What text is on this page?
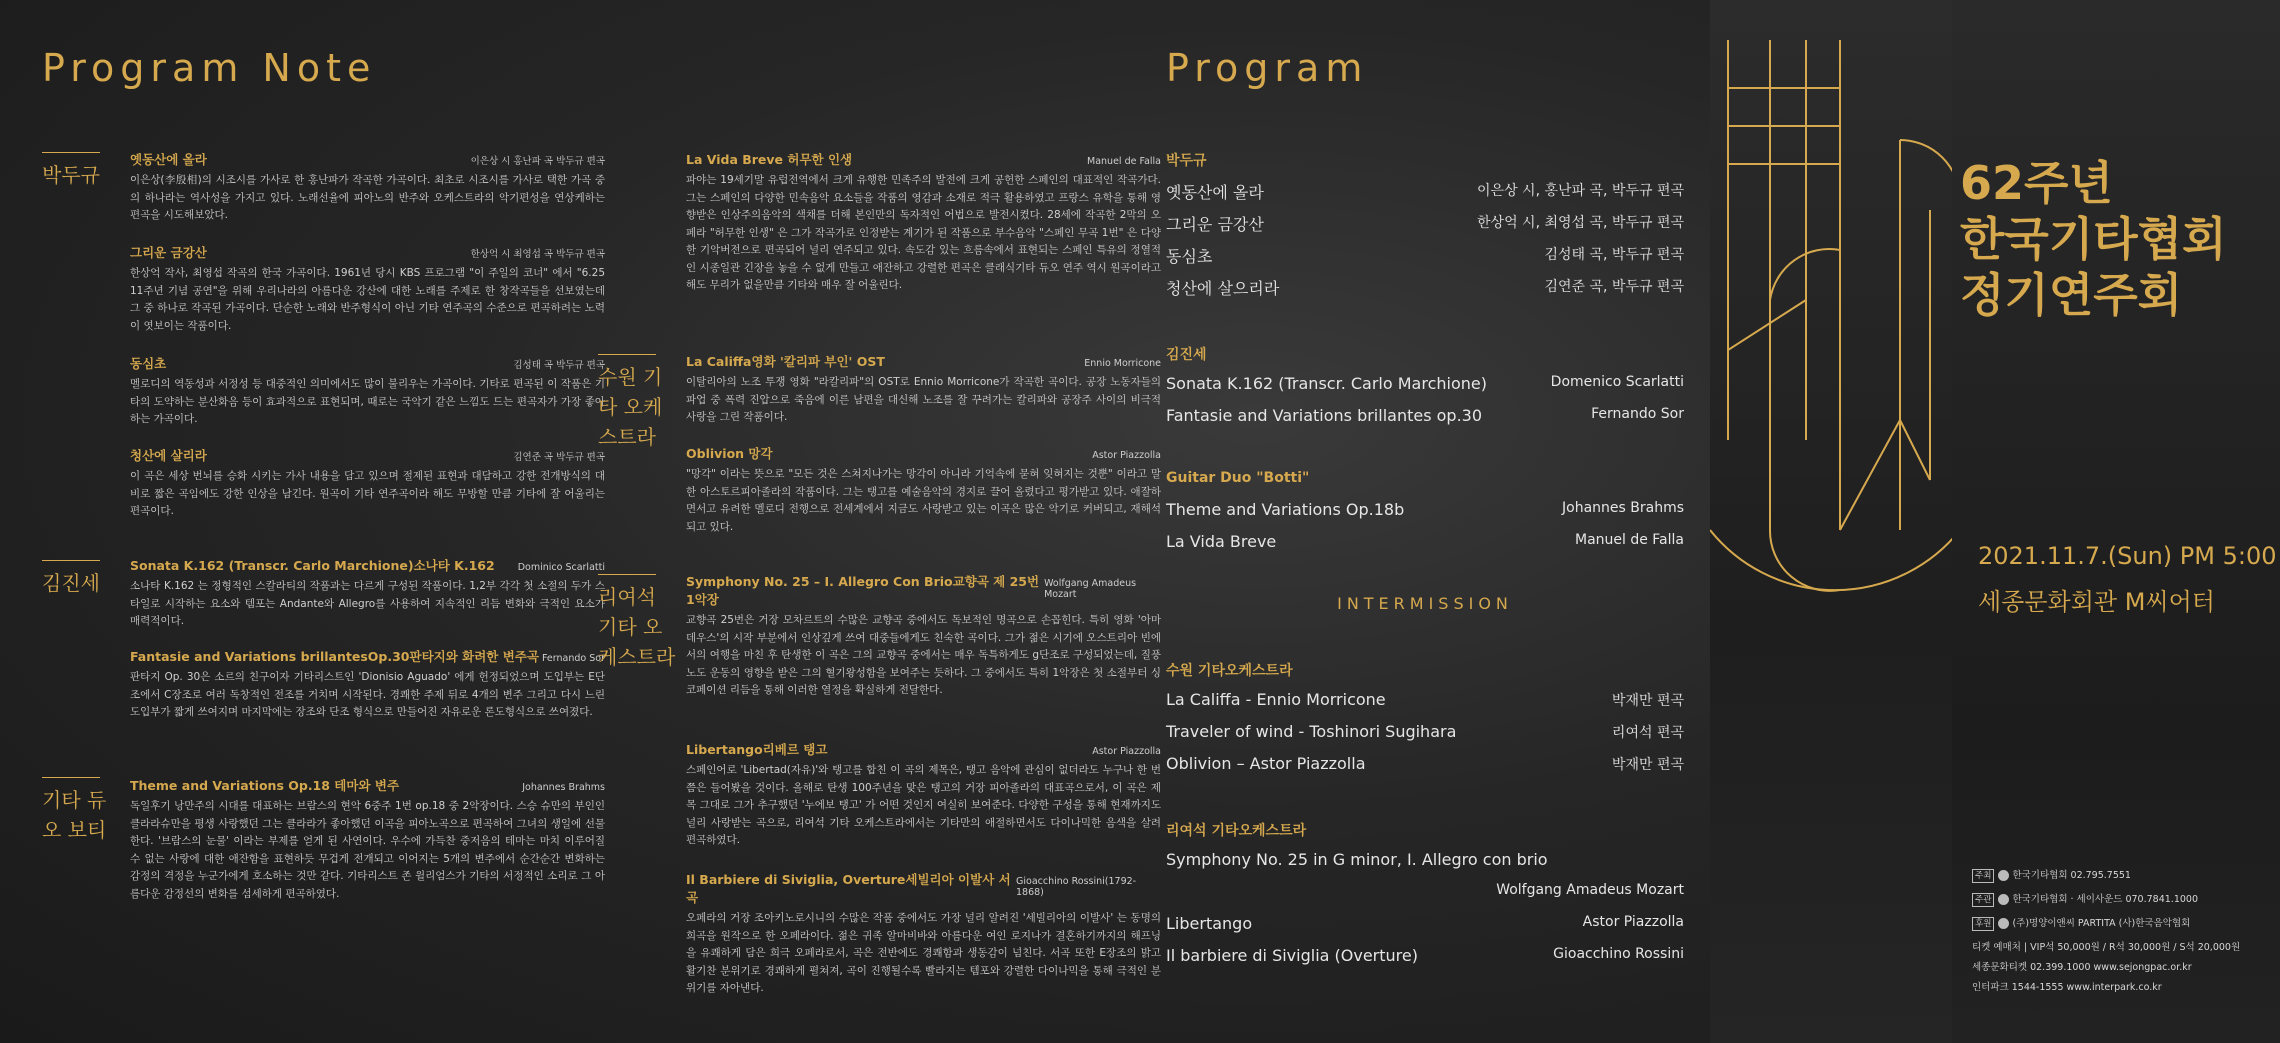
Program Note
박두규
김진세
기타 듀오 보티
옛동산에 올라	이은상 시 홍난파 곡 박두규 편곡
이은상(李殷相)의 시조시를 가사로 한 홍난파가 작곡한 가곡이다. 최초로 시조시를 가사로 택한 가곡 중의 하나라는 역사성을 가지고 있다. 노래선율에 피아노의 반주와 오케스트라의 악기편성을 연상케하는 편곡을 시도해보았다.
그리운 금강산	한상억 시 최영섭 곡 박두규 편곡
한상억 작사, 최영섭 작곡의 한국 가곡이다. 1961년 당시 KBS 프로그램 "이 주일의 코너" 에서 "6.25 11주년 기념 공연"을 위해 우리나라의 아름다운 강산에 대한 노래를 주제로 한 창작곡들을 선보였는데 그 중 하나로 작곡된 가곡이다. 단순한 노래와 반주형식이 아닌 기타 연주곡의 수준으로 편곡하려는 노력이 엿보이는 작품이다.
동심초	김성태 곡 박두규 편곡
멜로디의 역동성과 서정성 등 대중적인 의미에서도 많이 불리우는 가곡이다. 기타로 편곡된 이 작품은 기타의 도약하는 분산화음 등이 효과적으로 표현되며, 때로는 국악기 같은 느낌도 드는 편곡자가 가장 좋아하는 가곡이다.
청산에 살리라	김연준 곡 박두규 편곡
이 곡은 세상 번뇌를 승화 시키는 가사 내용을 담고 있으며 절제된 표현과 대담하고 강한 전개방식의 대비로 짧은 곡임에도 강한 인상을 남긴다. 원곡이 기타 연주곡이라 해도 무방할 만큼 기타에 잘 어울리는 편곡이다.
Sonata K.162 (Transcr. Carlo Marchione)소나타 K.162 Dominico Scarlatti
소나타 K.162 는 정형적인 스칼라티의 작품과는 다르게 구성된 작품이다. 1,2부 각각 첫 소절의 두가 스타일로 시작하는 요소와 템포는 Andante와 Allegro를 사용하여 지속적인 리듬 변화와 극적인 요소가 매력적이다.
Fantasie and Variations brillantesOp.30판타지와 화려한 변주곡 Fernando Sor
판타지 Op. 30은 소르의 친구이자 기타리스트인 'Dionisio Aguado' 에게 헌정되었으며 도입부는 E단조에서 C장조로 여러 독창적인 전조를 거치며 시작된다. 경쾌한 주제 뒤로 4개의 변주 그리고 다시 느린 도입부가 짧게 쓰여지며 마지막에는 장조와 단조 형식으로 만들어진 자유로운 론도형식으로 쓰여졌다.
Theme and Variations Op.18 테마와 변주	Johannes Brahms
독일후기 낭만주의 시대를 대표하는 브람스의 현악 6중주 1번 op.18 중 2악장이다. 스승 슈만의 부인인 클라라슈만을 평생 사랑했던 그는 클라라가 좋아했던 이곡을 피아노곡으로 편곡하여 그녀의 생일에 선물한다. '브람스의 눈물' 이라는 부제를 얻게 된 사연이다. 우수에 가득찬 중저음의 테마는 마치 이루어질 수 없는 사랑에 대한 애잔함을 표현하듯 무겁게 전개되고 이어지는 5개의 변주에서 순간순간 변화하는 감정의 격정을 누군가에게 호소하는 것만 같다. 기타리스트 존 윌리엄스가 기타의 서정적인 소리로 그 아름다운 감정선의 변화를 섬세하게 편곡하였다.
수원 기타 오케스트라
리여석 기타 오케스트라
La Vida Breve 허무한 인생	Manuel de Falla
파야는 19세기말 유럽전역에서 크게 유행한 민족주의 발전에 크게 공헌한 스페인의 대표적인 작곡가다. 그는 스페인의 다양한 민속음악 요소들을 작품의 영감과 소재로 적극 활용하였고 프랑스 유학을 통해 영향받은 인상주의음악의 색채를 더해 본인만의 독자적인 어법으로 발전시켰다. 28세에 작곡한 2막의 오페라 "허무한 인생" 은 그가 작곡가로 인정받는 계기가 된 작품으로 부수음악 "스페인 무곡 1번" 은 다양한 기악버전으로 편곡되어 널리 연주되고 있다. 속도감 있는 흐름속에서 표현되는 스페인 특유의 정열적인 시종일관 긴장을 놓을 수 없게 만들고 애잔하고 강렬한 편곡은 클래식기타 듀오 연주 역시 원곡이라고 해도 무리가 없을만큼 기타와 매우 잘 어울린다.
La Califfa영화 '칼리파 부인' OST	Ennio Morricone
이탈리아의 노조 투쟁 영화 "라칼리파"의 OST로 Ennio Morricone가 작곡한 곡이다. 공장 노동자들의 파업 중 폭력 진압으로 죽음에 이른 남편을 대신해 노조를 잘 꾸려가는 칼리파와 공장주 사이의 비극적 사랑을 그린 작품이다.
Oblivion 망각	Astor Piazzolla
"망각" 이라는 뜻으로 "모든 것은 스쳐지나가는 망각이 아니라 기억속에 묻혀 잊혀지는 것뿐" 이라고 말한 아스토르피아졸라의 작품이다. 그는 탱고를 예술음악의 경지로 끌어 올렸다고 평가받고 있다. 애잘하면서고 유려한 멜로디 전행으로 전세계에서 지금도 사랑받고 있는 이곡은 많은 악기로 커버되고, 재해석되고 있다.
Symphony No. 25 – I. Allegro Con Brio교향곡 제 25번 1악장
Wolfgang Amadeus Mozart
교향곡 25번은 거장 모차르트의 수많은 교향곡 중에서도 독보적인 명곡으로 손꼽힌다. 특히 영화 '아마데우스'의 시작 부분에서 인상깊게 쓰여 대중들에게도 친숙한 곡이다. 그가 젊은 시기에 오스트리아 빈에서의 여행을 마친 후 탄생한 이 곡은 그의 교향곡 중에서는 매우 독특하게도 g단조로 구성되었는데, 질풍노도 운동의 영향을 받은 그의 혈기왕성함을 보여주는 듯하다. 그 중에서도 특히 1악장은 첫 소절부터 싱코페이션 리듬을 통해 이러한 열정을 확실하게 전달한다.
Libertango리베르 탱고	Astor Piazzolla
스페인어로 'Libertad(자유)'와 탱고를 합친 이 곡의 제목은, 탱고 음악에 관심이 없더라도 누구나 한 번쯤은 들어봤을 것이다. 올해로 탄생 100주년을 맞은 탱고의 거장 피아졸라의 대표곡으로서, 이 곡은 제목 그대로 그가 추구했던 '누에보 탱고' 가 어떤 것인지 여실히 보여준다. 다양한 구성을 통해 현재까지도 널리 사랑받는 곡으로, 리여석 기타 오케스트라에서는 기타만의 애절하면서도 다이나믹한 음색을 살려 편곡하였다.
Il Barbiere di Siviglia, Overture세빌리아 이발사 서곡
Gioacchino Rossini(1792-1868)
오페라의 거장 조아키노로시니의 수많은 작품 중에서도 가장 널리 알려진 '세빌리아의 이발사' 는 동명의 희곡을 원작으로 한 오페라이다. 젊은 귀족 알마비바와 아름다운 여인 로지나가 결혼하기까지의 해프닝을 유쾌하게 담은 희극 오페라로서, 곡은 전반에도 경쾌함과 생동감이 넘친다. 서곡 또한 E장조의 밝고 활기찬 분위기로 경쾌하게 펼쳐져, 곡이 진행될수록 빨라지는 템포와 강렬한 다이나믹을 통해 극적인 분위기를 자아낸다.
Program
박두규
옛동산에 올라	이은상 시, 홍난파 곡, 박두규 편곡
그리운 금강산	한상억 시, 최영섭 곡, 박두규 편곡
동심초	김성태 곡, 박두규 편곡
청산에 살으리라	김연준 곡, 박두규 편곡
김진세
Sonata K.162 (Transcr. Carlo Marchione)	Domenico Scarlatti
Fantasie and Variations brillantes op.30	Fernando Sor
Guitar Duo "Botti"
Theme and Variations Op.18b	Johannes Brahms
La Vida Breve	Manuel de Falla
INTERMISSION
수원 기타오케스트라
La Califfa - Ennio Morricone	박재만 편곡
Traveler of wind - Toshinori Sugihara	리여석 편곡
Oblivion – Astor Piazzolla	박재만 편곡
리여석 기타오케스트라
Symphony No. 25 in G minor, I. Allegro con brio
Wolfgang Amadeus Mozart
Libertango	Astor Piazzolla
Il barbiere di Siviglia (Overture)	Gioacchino Rossini
62주년
한국기타협회
정기연주회
2021.11.7.(Sun) PM 5:00
세종문화회관 M씨어터
주최 한국기타협회 02.795.7551
주관 한국기타협회 · 세이사운드 070.7841.1000
후원 (주)명양이앤씨 PARTITA (사)한국음악협회
티켓 예매처 | VIP석 50,000원 / R석 30,000원 / S석 20,000원
세종문화티켓 02.399.1000 www.sejongpac.or.kr
인터파크 1544-1555 www.interpark.co.kr
